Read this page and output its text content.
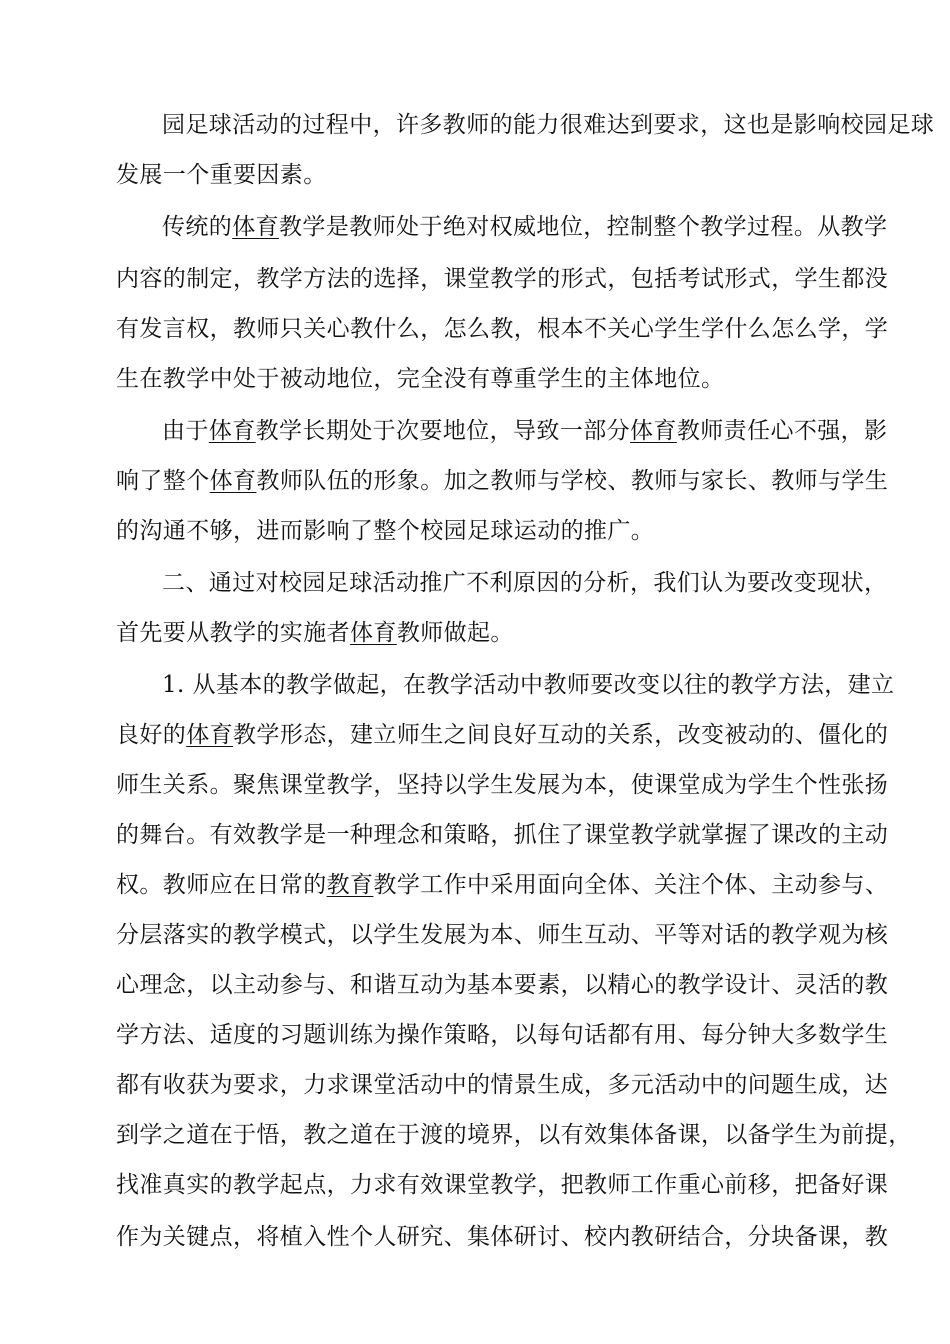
园足球活动的过程中，许多教师的能力很难达到要求，这也是影响校园足球
发展一个重要因素。
传统的体育教学是教师处于绝对权威地位，控制整个教学过程。从教学
内容的制定，教学方法的选择，课堂教学的形式，包括考试形式，学生都没
有发言权，教师只关心教什么，怎么教，根本不关心学生学什么怎么学，学
生在教学中处于被动地位，完全没有尊重学生的主体地位。
由于体育教学长期处于次要地位，导致一部分体育教师责任心不强，影
响了整个体育教师队伍的形象。加之教师与学校、教师与家长、教师与学生
的沟通不够，进而影响了整个校园足球运动的推广。
二、通过对校园足球活动推广不利原因的分析，我们认为要改变现状，
首先要从教学的实施者体育教师做起。
1. 从基本的教学做起，在教学活动中教师要改变以往的教学方法，建立
良好的体育教学形态，建立师生之间良好互动的关系，改变被动的、僵化的
师生关系。聚焦课堂教学，坚持以学生发展为本，使课堂成为学生个性张扬
的舞台。有效教学是一种理念和策略，抓住了课堂教学就掌握了课改的主动
权。教师应在日常的教育教学工作中采用面向全体、关注个体、主动参与、
分层落实的教学模式，以学生发展为本、师生互动、平等对话的教学观为核
心理念，以主动参与、和谐互动为基本要素，以精心的教学设计、灵活的教
学方法、适度的习题训练为操作策略，以每句话都有用、每分钟大多数学生
都有收获为要求，力求课堂活动中的情景生成，多元活动中的问题生成，达
到学之道在于悟，教之道在于渡的境界，以有效集体备课，以备学生为前提，
找准真实的教学起点，力求有效课堂教学，把教师工作重心前移，把备好课
作为关键点，将植入性个人研究、集体研讨、校内教研结合，分块备课，教
